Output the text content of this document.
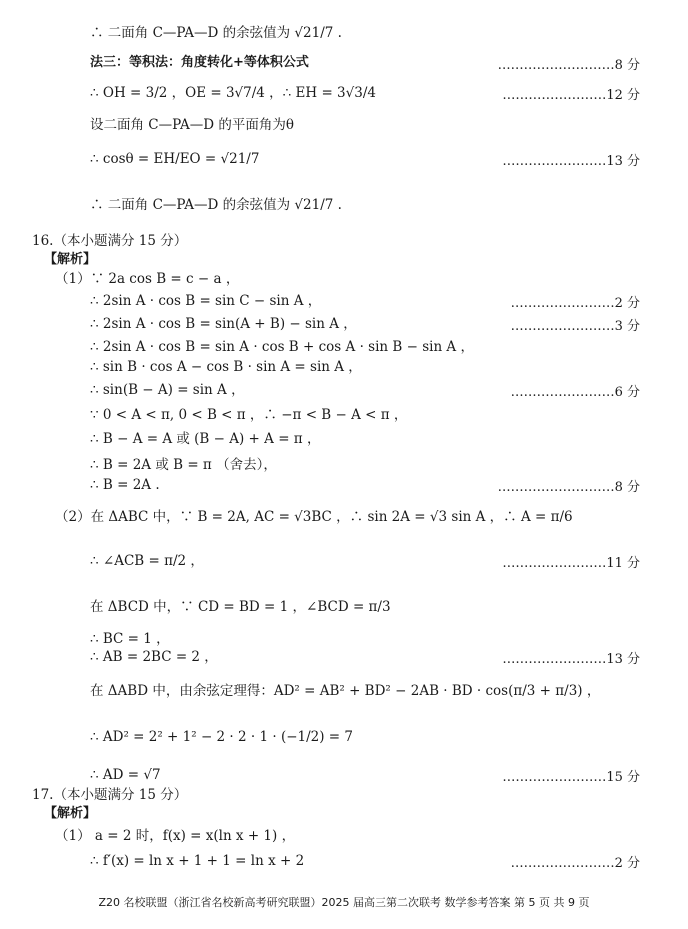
∴ 二面角 C—PA—D 的余弦值为 √21/7 .
法三：等积法：角度转化+等体积公式
∴ OH = 3/2 ，OE = 3√7/4 ，∴ EH = 3√3/4
设二面角 C—PA—D 的平面角为θ
∴ cosθ = EH/EO = √21/7
∴ 二面角 C—PA—D 的余弦值为 √21/7 .
16.（本小题满分 15 分）
【解析】
（1）∵ 2a cos B = c − a ，
∴ 2sin A · cos B = sin C − sin A ，
∴ 2sin A · cos B = sin(A + B) − sin A ，
∴ 2sin A · cos B = sin A · cos B + cos A · sin B − sin A ，
∴ sin B · cos A − cos B · sin A = sin A ，
∴ sin(B − A) = sin A ，
∵ 0 < A < π, 0 < B < π ，∴ −π < B − A < π ，
∴ B − A = A 或 (B − A) + A = π ，
∴ B = 2A 或 B = π （舍去），
∴ B = 2A .
（2）在 ΔABC 中，∵ B = 2A, AC = √3BC ，∴ sin 2A = √3 sin A ，∴ A = π/6
∴ ∠ACB = π/2 ，
在 ΔBCD 中，∵ CD = BD = 1 ，∠BCD = π/3
∴ BC = 1 ，
∴ AB = 2BC = 2 ，
在 ΔABD 中，由余弦定理得：AD² = AB² + BD² − 2AB · BD · cos(π/3 + π/3) ，
∴ AD² = 2² + 1² − 2 · 2 · 1 · (−1/2) = 7
∴ AD = √7
17.（本小题满分 15 分）
【解析】
（1） a = 2 时，f(x) = x(ln x + 1) ，
∴ f′(x) = ln x + 1 + 1 = ln x + 2
………………………8 分
……………………12 分
……………………13 分
……………………2 分
……………………3 分
……………………6 分
………………………8 分
……………………11 分
……………………13 分
……………………15 分
……………………2 分
Z20 名校联盟（浙江省名校新高考研究联盟）2025 届高三第二次联考 数学参考答案 第 5 页 共 9 页
